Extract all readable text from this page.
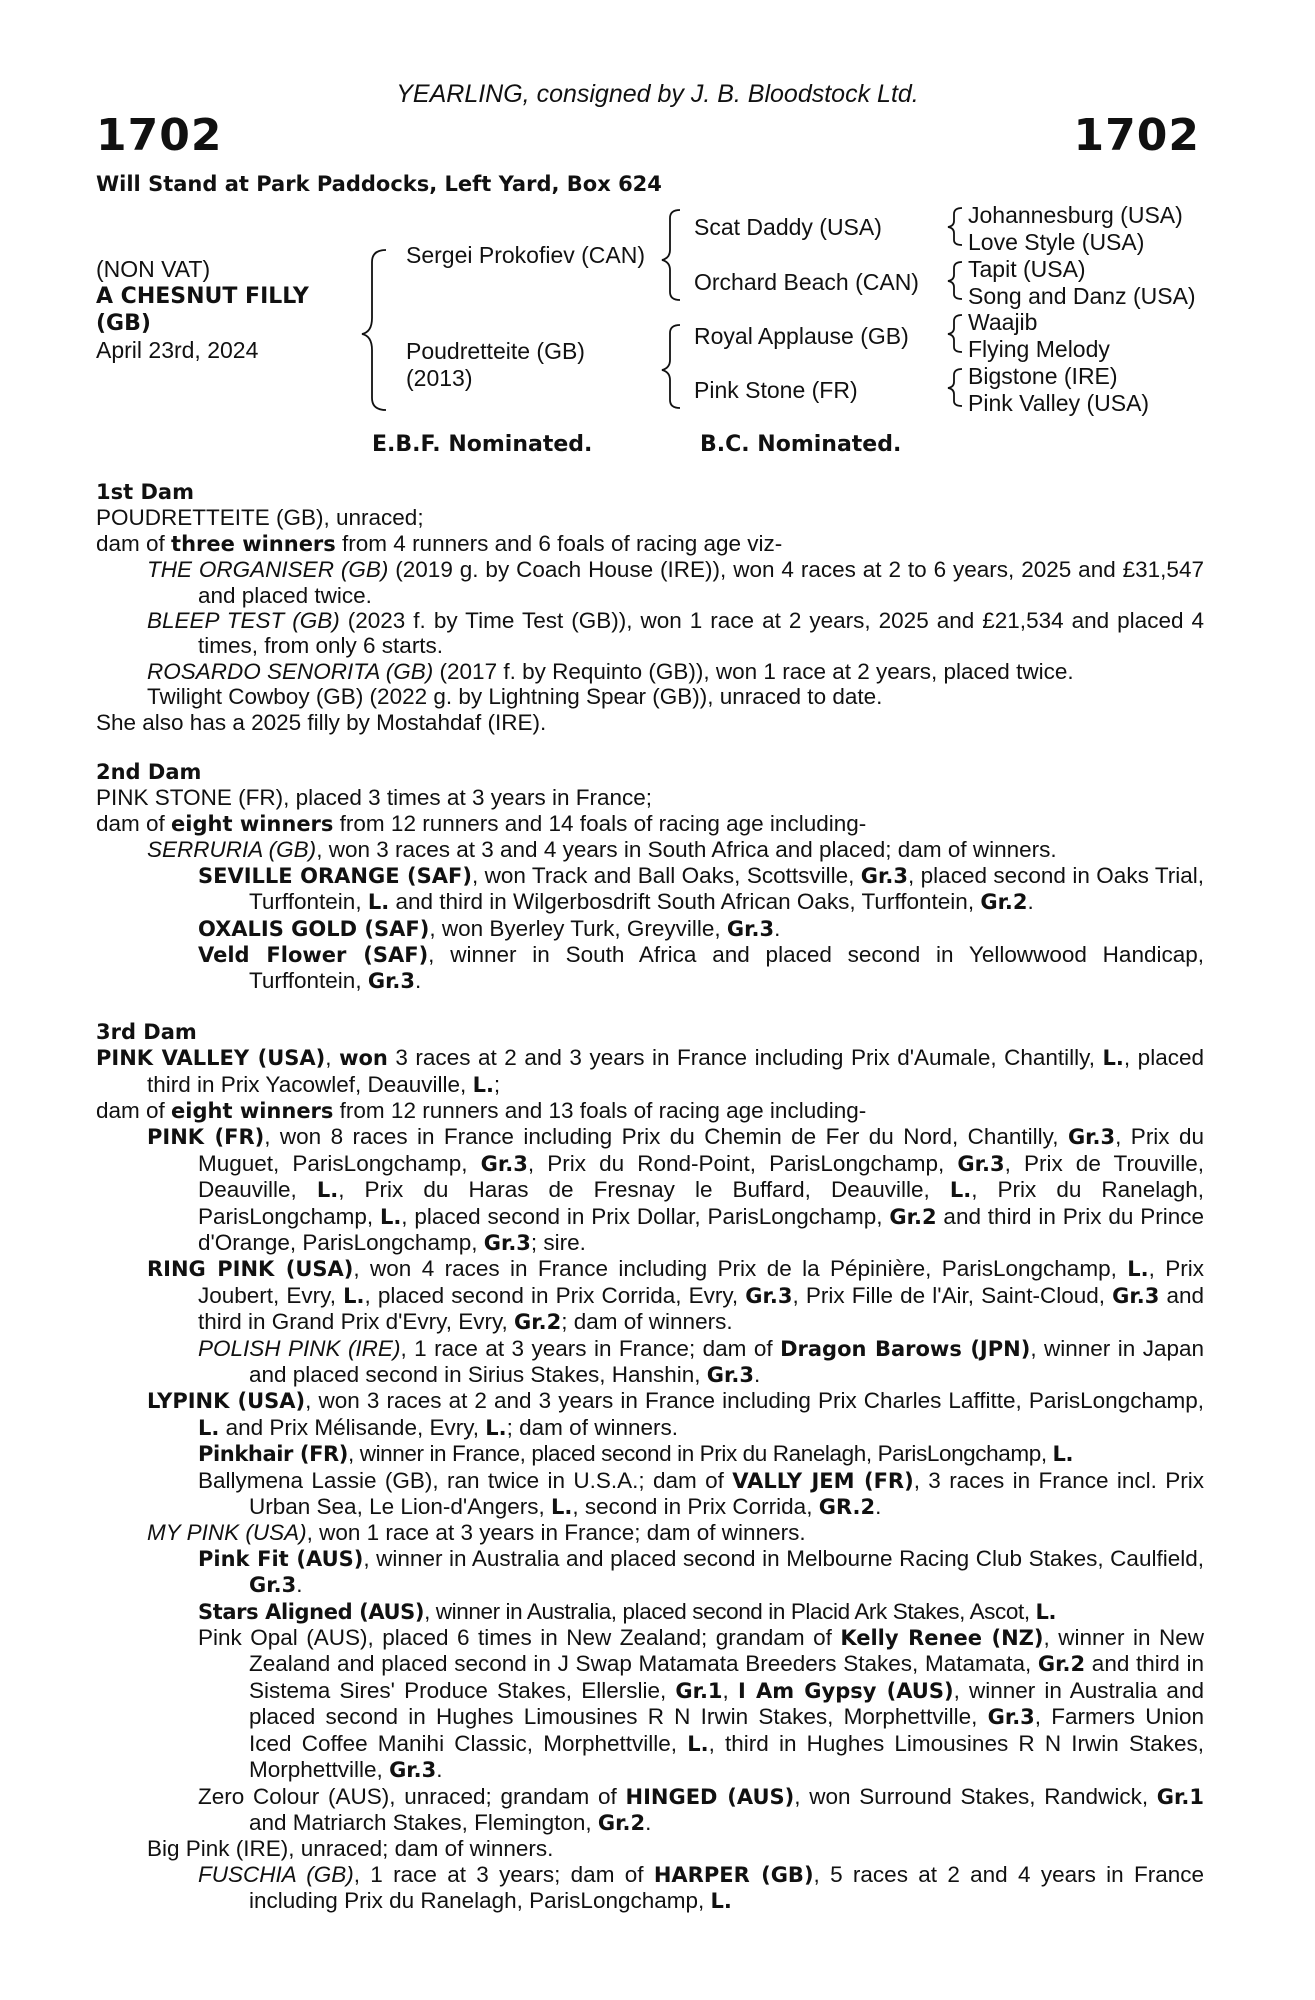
YEARLING, consigned by J. B. Bloodstock Ltd.
1702	1702
Will Stand at Park Paddocks, Left Yard, Box 624
(NON VAT)
A CHESNUT FILLY
(GB)
April 23rd, 2024
Sergei Prokofiev (CAN)
Poudretteite (GB)
(2013)
Scat Daddy (USA)
Orchard Beach (CAN)
Royal Applause (GB)
Pink Stone (FR)
Johannesburg (USA)
Love Style (USA)
Tapit (USA)
Song and Danz (USA)
Waajib
Flying Melody
Bigstone (IRE)
Pink Valley (USA)
E.B.F. Nominated.	B.C. Nominated.

1st Dam

POUDRETTEITE (GB), unraced;

dam of three winners from 4 runners and 6 foals of racing age viz-

THE ORGANISER (GB) (2019 g. by Coach House (IRE)), won 4 races at 2 to 6 years, 2025 and £31,547 and placed twice.

BLEEP TEST (GB) (2023 f. by Time Test (GB)), won 1 race at 2 years, 2025 and £21,534 and placed 4 times, from only 6 starts.

ROSARDO SENORITA (GB) (2017 f. by Requinto (GB)), won 1 race at 2 years, placed twice.

Twilight Cowboy (GB) (2022 g. by Lightning Spear (GB)), unraced to date.

She also has a 2025 filly by Mostahdaf (IRE).

2nd Dam

PINK STONE (FR), placed 3 times at 3 years in France;

dam of eight winners from 12 runners and 14 foals of racing age including-

SERRURIA (GB), won 3 races at 3 and 4 years in South Africa and placed; dam of winners.

SEVILLE ORANGE (SAF), won Track and Ball Oaks, Scottsville, Gr.3, placed second in Oaks Trial, Turffontein, L. and third in Wilgerbosdrift South African Oaks, Turffontein, Gr.2.

OXALIS GOLD (SAF), won Byerley Turk, Greyville, Gr.3.

Veld Flower (SAF), winner in South Africa and placed second in Yellowwood Handicap, Turffontein, Gr.3.

3rd Dam

PINK VALLEY (USA), won 3 races at 2 and 3 years in France including Prix d'Aumale, Chantilly, L., placed third in Prix Yacowlef, Deauville, L.;

dam of eight winners from 12 runners and 13 foals of racing age including-

PINK (FR), won 8 races in France including Prix du Chemin de Fer du Nord, Chantilly, Gr.3, Prix du Muguet, ParisLongchamp, Gr.3, Prix du Rond-Point, ParisLongchamp, Gr.3, Prix de Trouville, Deauville, L., Prix du Haras de Fresnay le Buffard, Deauville, L., Prix du Ranelagh, ParisLongchamp, L., placed second in Prix Dollar, ParisLongchamp, Gr.2 and third in Prix du Prince d'Orange, ParisLongchamp, Gr.3; sire.

RING PINK (USA), won 4 races in France including Prix de la Pépinière, ParisLongchamp, L., Prix Joubert, Evry, L., placed second in Prix Corrida, Evry, Gr.3, Prix Fille de l'Air, Saint-Cloud, Gr.3 and third in Grand Prix d'Evry, Evry, Gr.2; dam of winners.

POLISH PINK (IRE), 1 race at 3 years in France; dam of Dragon Barows (JPN), winner in Japan and placed second in Sirius Stakes, Hanshin, Gr.3.

LYPINK (USA), won 3 races at 2 and 3 years in France including Prix Charles Laffitte, ParisLongchamp, L. and Prix Mélisande, Evry, L.; dam of winners.

Pinkhair (FR), winner in France, placed second in Prix du Ranelagh, ParisLongchamp, L.

Ballymena Lassie (GB), ran twice in U.S.A.; dam of VALLY JEM (FR), 3 races in France incl. Prix Urban Sea, Le Lion-d'Angers, L., second in Prix Corrida, GR.2.

MY PINK (USA), won 1 race at 3 years in France; dam of winners.

Pink Fit (AUS), winner in Australia and placed second in Melbourne Racing Club Stakes, Caulfield, Gr.3.

Stars Aligned (AUS), winner in Australia, placed second in Placid Ark Stakes, Ascot, L.

Pink Opal (AUS), placed 6 times in New Zealand; grandam of Kelly Renee (NZ), winner in New Zealand and placed second in J Swap Matamata Breeders Stakes, Matamata, Gr.2 and third in Sistema Sires' Produce Stakes, Ellerslie, Gr.1, I Am Gypsy (AUS), winner in Australia and placed second in Hughes Limousines R N Irwin Stakes, Morphettville, Gr.3, Farmers Union Iced Coffee Manihi Classic, Morphettville, L., third in Hughes Limousines R N Irwin Stakes, Morphettville, Gr.3.

Zero Colour (AUS), unraced; grandam of HINGED (AUS), won Surround Stakes, Randwick, Gr.1 and Matriarch Stakes, Flemington, Gr.2.

Big Pink (IRE), unraced; dam of winners.

FUSCHIA (GB), 1 race at 3 years; dam of HARPER (GB), 5 races at 2 and 4 years in France including Prix du Ranelagh, ParisLongchamp, L.
